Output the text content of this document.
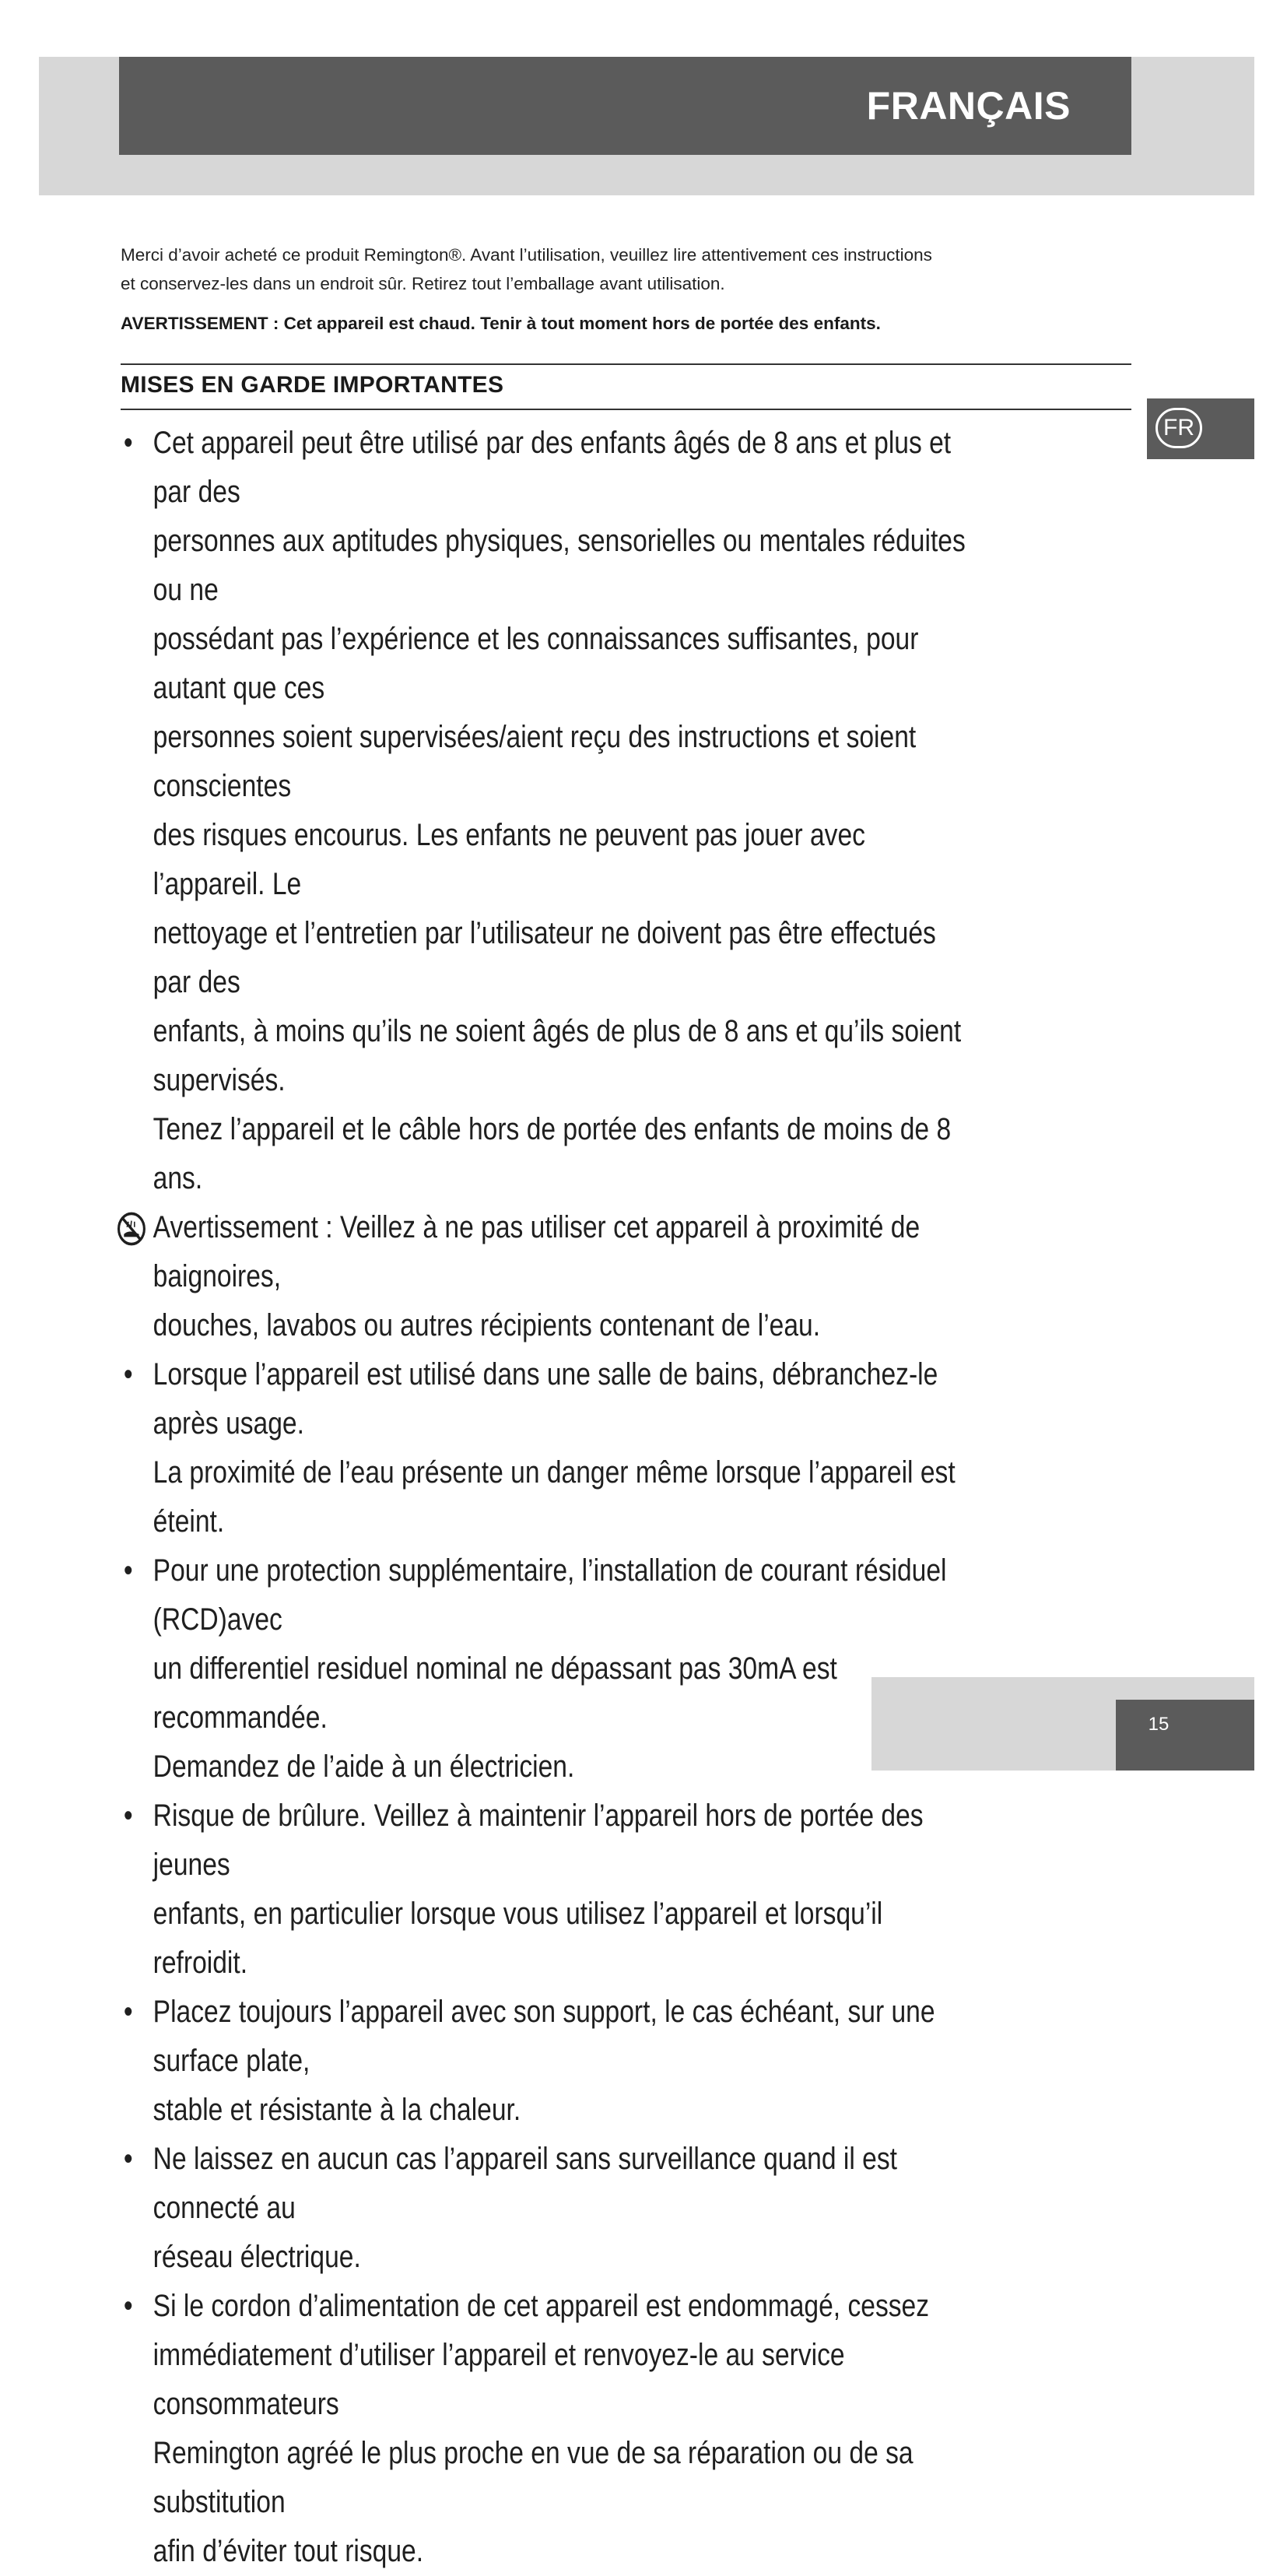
FRANÇAIS
FR

Merci d’avoir acheté ce produit Remington®. Avant l’utilisation, veuillez lire attentivement ces instructions
et conservez-les dans un endroit sûr. Retirez tout l’emballage avant utilisation.

AVERTISSEMENT : Cet appareil est chaud. Tenir à tout moment hors de portée des enfants.

MISES EN GARDE IMPORTANTES
• Cet appareil peut être utilisé par des enfants âgés de 8 ans et plus et par des
personnes aux aptitudes physiques, sensorielles ou mentales réduites ou ne
possédant pas l’expérience et les connaissances suffisantes, pour autant que ces
personnes soient supervisées/aient reçu des instructions et soient conscientes
des risques encourus. Les enfants ne peuvent pas jouer avec l’appareil. Le
nettoyage et l’entretien par l’utilisateur ne doivent pas être effectués par des
enfants, à moins qu’ils ne soient âgés de plus de 8 ans et qu’ils soient supervisés.
Tenez l’appareil et le câble hors de portée des enfants de moins de 8 ans.
Avertissement : Veillez à ne pas utiliser cet appareil à proximité de baignoires,
douches, lavabos ou autres récipients contenant de l’eau.
• Lorsque l’appareil est utilisé dans une salle de bains, débranchez-le après usage.
La proximité de l’eau présente un danger même lorsque l’appareil est éteint.
• Pour une protection supplémentaire, l’installation de courant résiduel (RCD)avec
un differentiel residuel nominal ne dépassant pas 30mA est recommandée.
Demandez de l’aide à un électricien.
• Risque de brûlure. Veillez à maintenir l’appareil hors de portée des jeunes
enfants, en particulier lorsque vous utilisez l’appareil et lorsqu’il refroidit.
• Placez toujours l’appareil avec son support, le cas échéant, sur une surface plate,
stable et résistante à la chaleur.
• Ne laissez en aucun cas l’appareil sans surveillance quand il est connecté au
réseau électrique.
• Si le cordon d’alimentation de cet appareil est endommagé, cessez
immédiatement d’utiliser l’appareil et renvoyez-le au service consommateurs
Remington agréé le plus proche en vue de sa réparation ou de sa substitution
afin d’éviter tout risque.
15
